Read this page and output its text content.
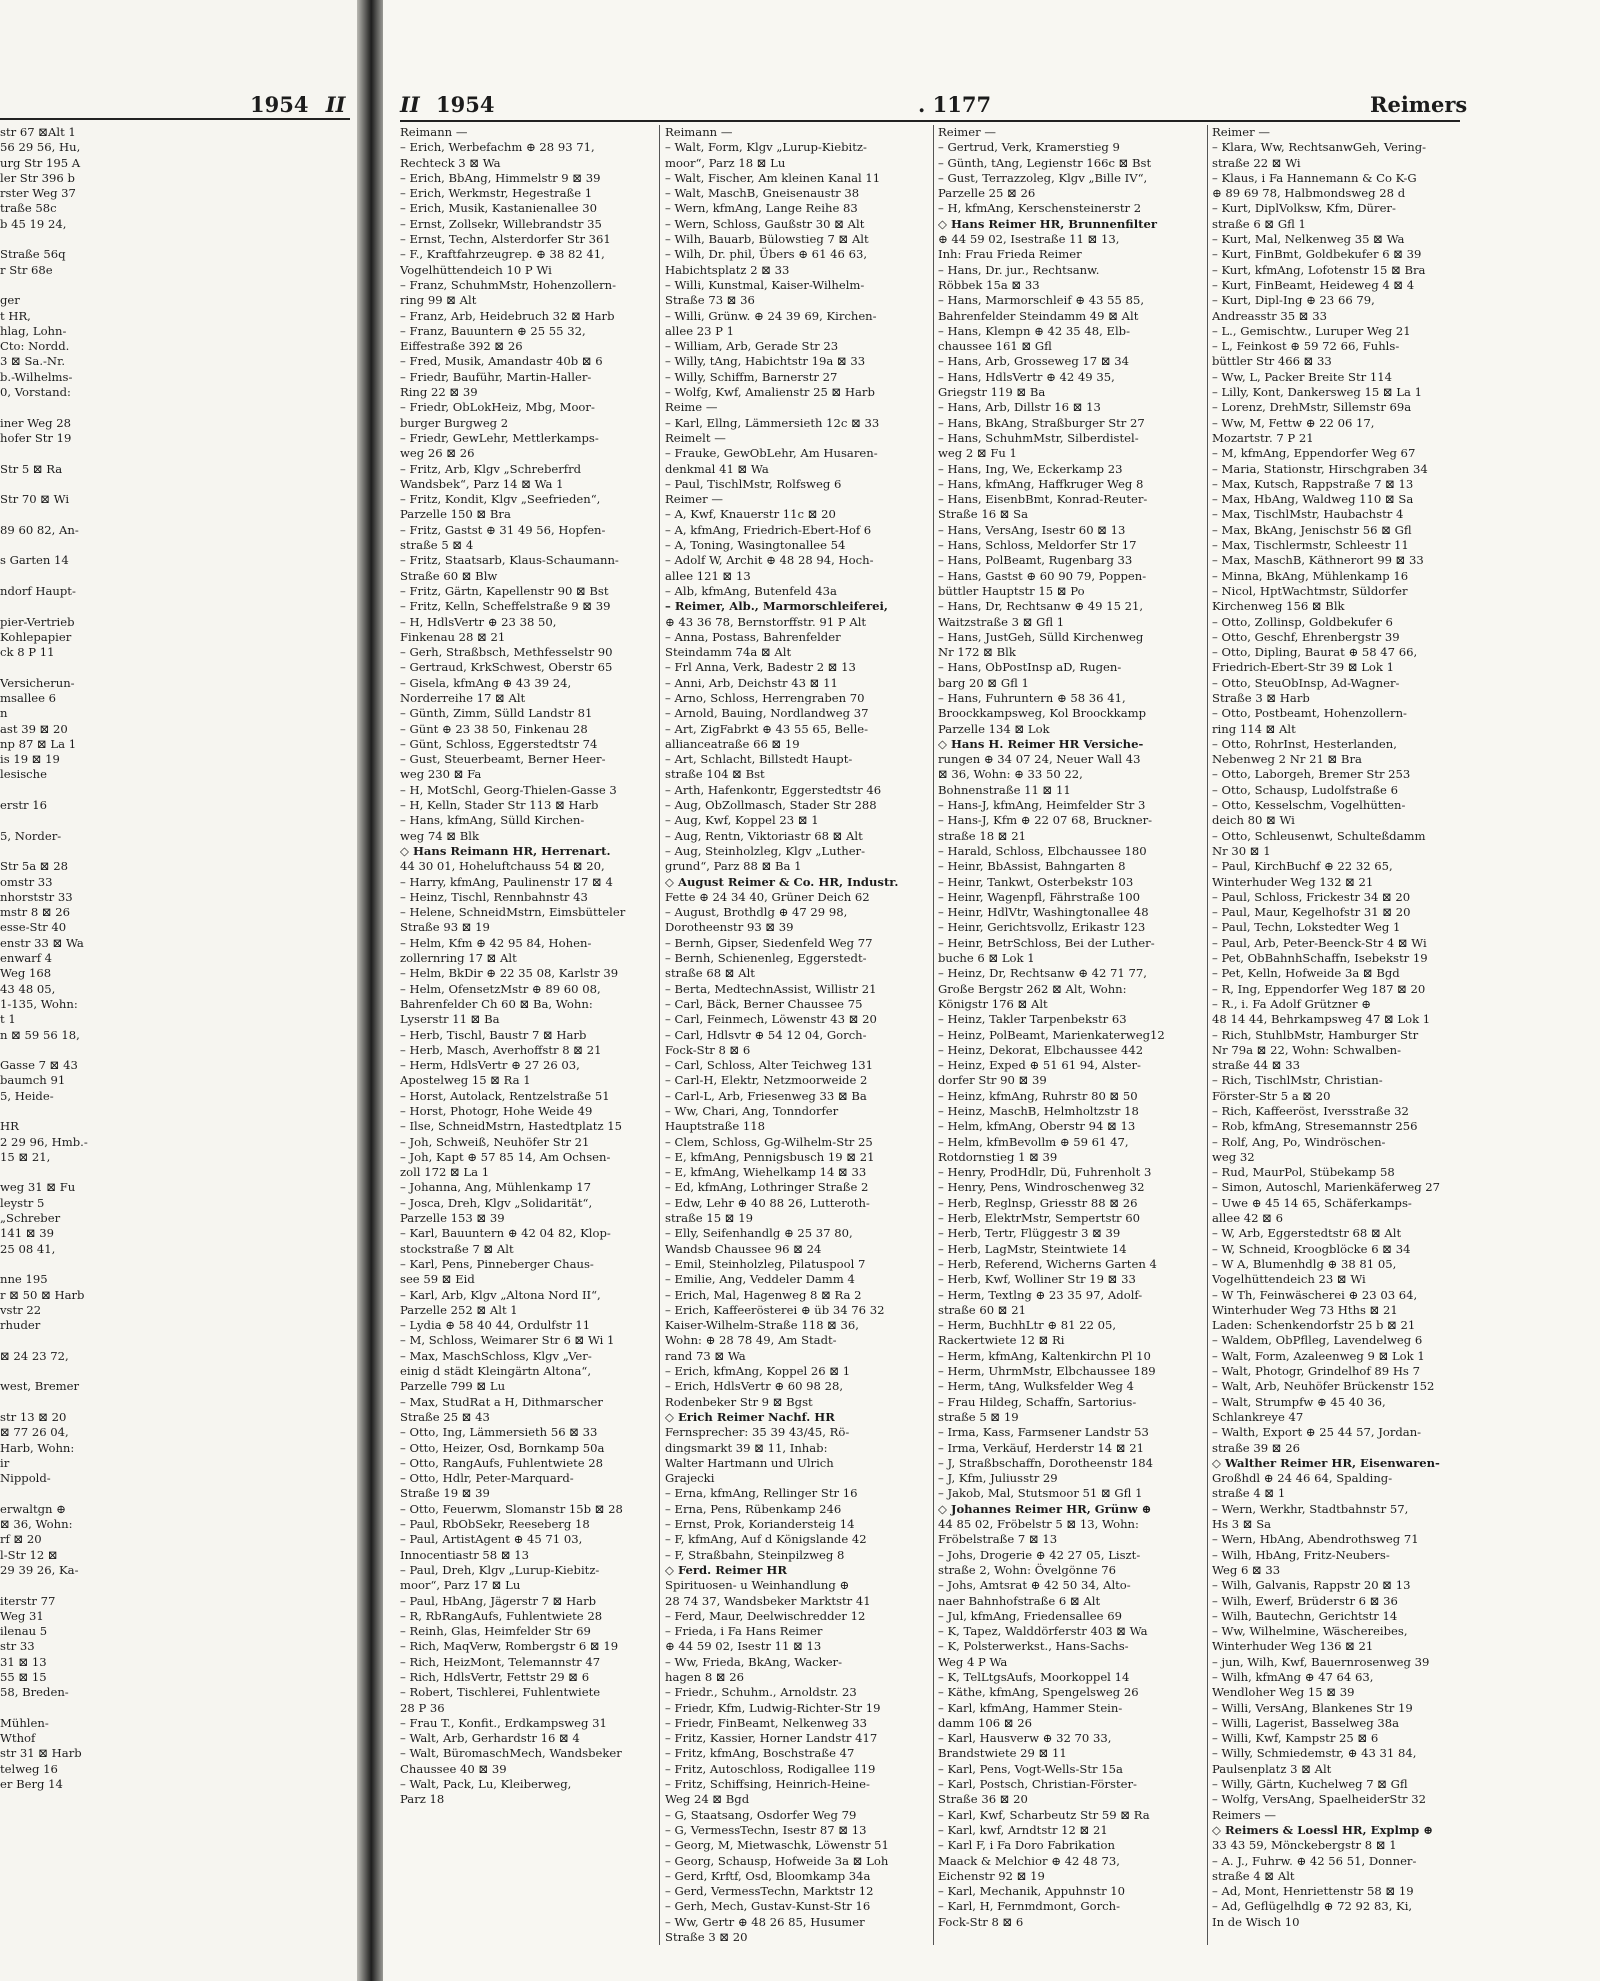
1954 II
str 67 ⊠Alt 1
56 29 56, Hu,
urg Str 195 A
ler Str 396 b
rster Weg 37
traße 58c
b 45 19 24,
Straße 56q
r Str 68e
ger
t HR,
hlag, Lohn-
Cto: Nordd.
3 ⊠ Sa.-Nr.
b.-Wilhelms-
0, Vorstand:
iner Weg 28
hofer Str 19
Str 5 ⊠ Ra
Str 70 ⊠ Wi
89 60 82, An-
s Garten 14
ndorf Haupt-
pier-Vertrieb
Kohlepapier
ck 8 P 11
Versicherun-
msallee 6
n
ast 39 ⊠ 20
np 87 ⊠ La 1
is 19 ⊠ 19
lesische
erstr 16
5, Norder-
Str 5a ⊠ 28
omstr 33
nhorststr 33
mstr 8 ⊠ 26
esse-Str 40
enstr 33 ⊠ Wa
enwarf 4
Weg 168
43 48 05,
1-135, Wohn:
t 1
n ⊠ 59 56 18,
Gasse 7 ⊠ 43
baumch 91
5, Heide-
HR
2 29 96, Hmb.-
15 ⊠ 21,
weg 31 ⊠ Fu
leystr 5
„Schreber
141 ⊠ 39
25 08 41,
nne 195
r ⊠ 50 ⊠ Harb
vstr 22
rhuder
⊠ 24 23 72,
west, Bremer
str 13 ⊠ 20
⊠ 77 26 04,
Harb, Wohn:
ir
Nippold-
erwaltgn ⊕
⊠ 36, Wohn:
rf ⊠ 20
l-Str 12 ⊠
29 39 26, Ka-
iterstr 77
Weg 31
ilenau 5
str 33
31 ⊠ 13
55 ⊠ 15
58, Breden-
Mühlen-
Wthof
str 31 ⊠ Harb
telweg 16
er Berg 14
II 1954	. 1177	Reimers
Reimann —
– Erich, Werbefachm ⊕ 28 93 71,
Rechteck 3 ⊠ Wa
– Erich, BbAng, Himmelstr 9 ⊠ 39
– Erich, Werkmstr, Hegestraße 1
– Erich, Musik, Kastanienallee 30
– Ernst, Zollsekr, Willebrandstr 35
– Ernst, Techn, Alsterdorfer Str 361
– F., Kraftfahrzeugrep. ⊕ 38 82 41,
Vogelhüttendeich 10 P Wi
– Franz, SchuhmMstr, Hohenzollern-
ring 99 ⊠ Alt
– Franz, Arb, Heidebruch 32 ⊠ Harb
– Franz, Bauuntern ⊕ 25 55 32,
Eiffestraße 392 ⊠ 26
– Fred, Musik, Amandastr 40b ⊠ 6
– Friedr, Bauführ, Martin-Haller-
Ring 22 ⊠ 39
– Friedr, ObLokHeiz, Mbg, Moor-
burger Burgweg 2
– Friedr, GewLehr, Mettlerkamps-
weg 26 ⊠ 26
– Fritz, Arb, Klgv „Schreberfrd
Wandsbek“, Parz 14 ⊠ Wa 1
– Fritz, Kondit, Klgv „Seefrieden“,
Parzelle 150 ⊠ Bra
– Fritz, Gastst ⊕ 31 49 56, Hopfen-
straße 5 ⊠ 4
– Fritz, Staatsarb, Klaus-Schaumann-
Straße 60 ⊠ Blw
– Fritz, Gärtn, Kapellenstr 90 ⊠ Bst
– Fritz, Kelln, Scheffelstraße 9 ⊠ 39
– H, HdlsVertr ⊕ 23 38 50,
Finkenau 28 ⊠ 21
– Gerh, Straßbsch, Methfesselstr 90
– Gertraud, KrkSchwest, Oberstr 65
– Gisela, kfmAng ⊕ 43 39 24,
Norderreihe 17 ⊠ Alt
– Günth, Zimm, Sülld Landstr 81
– Günt ⊕ 23 38 50, Finkenau 28
– Günt, Schloss, Eggerstedtstr 74
– Gust, Steuerbeamt, Berner Heer-
weg 230 ⊠ Fa
– H, MotSchl, Georg-Thielen-Gasse 3
– H, Kelln, Stader Str 113 ⊠ Harb
– Hans, kfmAng, Sülld Kirchen-
weg 74 ⊠ Blk
◇ Hans Reimann HR, Herrenart.
44 30 01, Hoheluftchauss 54 ⊠ 20,
– Harry, kfmAng, Paulinenstr 17 ⊠ 4
– Heinz, Tischl, Rennbahnstr 43
– Helene, SchneidMstrn, Eimsbütteler
Straße 93 ⊠ 19
– Helm, Kfm ⊕ 42 95 84, Hohen-
zollernring 17 ⊠ Alt
– Helm, BkDir ⊕ 22 35 08, Karlstr 39
– Helm, OfensetzMstr ⊕ 89 60 08,
Bahrenfelder Ch 60 ⊠ Ba, Wohn:
Lyserstr 11 ⊠ Ba
– Herb, Tischl, Baustr 7 ⊠ Harb
– Herb, Masch, Averhoffstr 8 ⊠ 21
– Herm, HdlsVertr ⊕ 27 26 03,
Apostelweg 15 ⊠ Ra 1
– Horst, Autolack, Rentzelstraße 51
– Horst, Photogr, Hohe Weide 49
– Ilse, SchneidMstrn, Hastedtplatz 15
– Joh, Schweiß, Neuhöfer Str 21
– Joh, Kapt ⊕ 57 85 14, Am Ochsen-
zoll 172 ⊠ La 1
– Johanna, Ang, Mühlenkamp 17
– Josca, Dreh, Klgv „Solidarität“,
Parzelle 153 ⊠ 39
– Karl, Bauuntern ⊕ 42 04 82, Klop-
stockstraße 7 ⊠ Alt
– Karl, Pens, Pinneberger Chaus-
see 59 ⊠ Eid
– Karl, Arb, Klgv „Altona Nord II“,
Parzelle 252 ⊠ Alt 1
– Lydia ⊕ 58 40 44, Ordulfstr 11
– M, Schloss, Weimarer Str 6 ⊠ Wi 1
– Max, MaschSchloss, Klgv „Ver-
einig d städt Kleingärtn Altona“,
Parzelle 799 ⊠ Lu
– Max, StudRat a H, Dithmarscher
Straße 25 ⊠ 43
– Otto, Ing, Lämmersieth 56 ⊠ 33
– Otto, Heizer, Osd, Bornkamp 50a
– Otto, RangAufs, Fuhlentwiete 28
– Otto, Hdlr, Peter-Marquard-
Straße 19 ⊠ 39
– Otto, Feuerwm, Slomanstr 15b ⊠ 28
– Paul, RbObSekr, Reeseberg 18
– Paul, ArtistAgent ⊕ 45 71 03,
Innocentiastr 58 ⊠ 13
– Paul, Dreh, Klgv „Lurup-Kiebitz-
moor“, Parz 17 ⊠ Lu
– Paul, HbAng, Jägerstr 7 ⊠ Harb
– R, RbRangAufs, Fuhlentwiete 28
– Reinh, Glas, Heimfelder Str 69
– Rich, MaqVerw, Rombergstr 6 ⊠ 19
– Rich, HeizMont, Telemannstr 47
– Rich, HdlsVertr, Fettstr 29 ⊠ 6
– Robert, Tischlerei, Fuhlentwiete
28 P 36
– Frau T., Konfit., Erdkampsweg 31
– Walt, Arb, Gerhardstr 16 ⊠ 4
– Walt, BüromaschMech, Wandsbeker
Chaussee 40 ⊠ 39
– Walt, Pack, Lu, Kleiberweg,
Parz 18
Reimann —
– Walt, Form, Klgv „Lurup-Kiebitz-
moor“, Parz 18 ⊠ Lu
– Walt, Fischer, Am kleinen Kanal 11
– Walt, MaschB, Gneisenaustr 38
– Wern, kfmAng, Lange Reihe 83
– Wern, Schloss, Gaußstr 30 ⊠ Alt
– Wilh, Bauarb, Bülowstieg 7 ⊠ Alt
– Wilh, Dr. phil, Übers ⊕ 61 46 63,
Habichtsplatz 2 ⊠ 33
– Willi, Kunstmal, Kaiser-Wilhelm-
Straße 73 ⊠ 36
– Willi, Grünw. ⊕ 24 39 69, Kirchen-
allee 23 P 1
– William, Arb, Gerade Str 23
– Willy, tAng, Habichtstr 19a ⊠ 33
– Willy, Schiffm, Barnerstr 27
– Wolfg, Kwf, Amalienstr 25 ⊠ Harb
Reime —
– Karl, Ellng, Lämmersieth 12c ⊠ 33
Reimelt —
– Frauke, GewObLehr, Am Husaren-
denkmal 41 ⊠ Wa
– Paul, TischlMstr, Rolfsweg 6
Reimer —
– A, Kwf, Knauerstr 11c ⊠ 20
– A, kfmAng, Friedrich-Ebert-Hof 6
– A, Toning, Wasingtonallee 54
– Adolf W, Archit ⊕ 48 28 94, Hoch-
allee 121 ⊠ 13
– Alb, kfmAng, Butenfeld 43a
– Reimer, Alb., Marmorschleiferei,
⊕ 43 36 78, Bernstorffstr. 91 P Alt
– Anna, Postass, Bahrenfelder
Steindamm 74a ⊠ Alt
– Frl Anna, Verk, Badestr 2 ⊠ 13
– Anni, Arb, Deichstr 43 ⊠ 11
– Arno, Schloss, Herrengraben 70
– Arnold, Bauing, Nordlandweg 37
– Art, ZigFabrkt ⊕ 43 55 65, Belle-
allianceatraße 66 ⊠ 19
– Art, Schlacht, Billstedt Haupt-
straße 104 ⊠ Bst
– Arth, Hafenkontr, Eggerstedtstr 46
– Aug, ObZollmasch, Stader Str 288
– Aug, Kwf, Koppel 23 ⊠ 1
– Aug, Rentn, Viktoriastr 68 ⊠ Alt
– Aug, Steinholzleg, Klgv „Luther-
grund“, Parz 88 ⊠ Ba 1
◇ August Reimer & Co. HR, Industr.
Fette ⊕ 24 34 40, Grüner Deich 62
– August, Brothdlg ⊕ 47 29 98,
Dorotheenstr 93 ⊠ 39
– Bernh, Gipser, Siedenfeld Weg 77
– Bernh, Schienenleg, Eggerstedt-
straße 68 ⊠ Alt
– Berta, MedtechnAssist, Willistr 21
– Carl, Bäck, Berner Chaussee 75
– Carl, Feinmech, Löwenstr 43 ⊠ 20
– Carl, Hdlsvtr ⊕ 54 12 04, Gorch-
Fock-Str 8 ⊠ 6
– Carl, Schloss, Alter Teichweg 131
– Carl-H, Elektr, Netzmoorweide 2
– Carl-L, Arb, Friesenweg 33 ⊠ Ba
– Ww, Chari, Ang, Tonndorfer
Hauptstraße 118
– Clem, Schloss, Gg-Wilhelm-Str 25
– E, kfmAng, Pennigsbusch 19 ⊠ 21
– E, kfmAng, Wiehelkamp 14 ⊠ 33
– Ed, kfmAng, Lothringer Straße 2
– Edw, Lehr ⊕ 40 88 26, Lutteroth-
straße 15 ⊠ 19
– Elly, Seifenhandlg ⊕ 25 37 80,
Wandsb Chaussee 96 ⊠ 24
– Emil, Steinholzleg, Pilatuspool 7
– Emilie, Ang, Veddeler Damm 4
– Erich, Mal, Hagenweg 8 ⊠ Ra 2
– Erich, Kaffeerösterei ⊕ üb 34 76 32
Kaiser-Wilhelm-Straße 118 ⊠ 36,
Wohn: ⊕ 28 78 49, Am Stadt-
rand 73 ⊠ Wa
– Erich, kfmAng, Koppel 26 ⊠ 1
– Erich, HdlsVertr ⊕ 60 98 28,
Rodenbeker Str 9 ⊠ Bgst
◇ Erich Reimer Nachf. HR
Fernsprecher: 35 39 43/45, Rö-
dingsmarkt 39 ⊠ 11, Inhab:
Walter Hartmann und Ulrich
Grajecki
– Erna, kfmAng, Rellinger Str 16
– Erna, Pens, Rübenkamp 246
– Ernst, Prok, Koriandersteig 14
– F, kfmAng, Auf d Königslande 42
– F, Straßbahn, Steinpilzweg 8
◇ Ferd. Reimer HR
Spirituosen- u Weinhandlung ⊕
28 74 37, Wandsbeker Marktstr 41
– Ferd, Maur, Deelwischredder 12
– Frieda, i Fa Hans Reimer
⊕ 44 59 02, Isestr 11 ⊠ 13
– Ww, Frieda, BkAng, Wacker-
hagen 8 ⊠ 26
– Friedr., Schuhm., Arnoldstr. 23
– Friedr, Kfm, Ludwig-Richter-Str 19
– Friedr, FinBeamt, Nelkenweg 33
– Fritz, Kassier, Horner Landstr 417
– Fritz, kfmAng, Boschstraße 47
– Fritz, Autoschloss, Rodigallee 119
– Fritz, Schiffsing, Heinrich-Heine-
Weg 24 ⊠ Bgd
– G, Staatsang, Osdorfer Weg 79
– G, VermessTechn, Isestr 87 ⊠ 13
– Georg, M, Mietwaschk, Löwenstr 51
– Georg, Schausp, Hofweide 3a ⊠ Loh
– Gerd, Krftf, Osd, Bloomkamp 34a
– Gerd, VermessTechn, Marktstr 12
– Gerh, Mech, Gustav-Kunst-Str 16
– Ww, Gertr ⊕ 48 26 85, Husumer
Straße 3 ⊠ 20
Reimer —
– Gertrud, Verk, Kramerstieg 9
– Günth, tAng, Legienstr 166c ⊠ Bst
– Gust, Terrazzoleg, Klgv „Bille IV“,
Parzelle 25 ⊠ 26
– H, kfmAng, Kerschensteinerstr 2
◇ Hans Reimer HR, Brunnenfilter
⊕ 44 59 02, Isestraße 11 ⊠ 13,
Inh: Frau Frieda Reimer
– Hans, Dr. jur., Rechtsanw.
Röbbek 15a ⊠ 33
– Hans, Marmorschleif ⊕ 43 55 85,
Bahrenfelder Steindamm 49 ⊠ Alt
– Hans, Klempn ⊕ 42 35 48, Elb-
chaussee 161 ⊠ Gfl
– Hans, Arb, Grosseweg 17 ⊠ 34
– Hans, HdlsVertr ⊕ 42 49 35,
Griegstr 119 ⊠ Ba
– Hans, Arb, Dillstr 16 ⊠ 13
– Hans, BkAng, Straßburger Str 27
– Hans, SchuhmMstr, Silberdistel-
weg 2 ⊠ Fu 1
– Hans, Ing, We, Eckerkamp 23
– Hans, kfmAng, Haffkruger Weg 8
– Hans, EisenbBmt, Konrad-Reuter-
Straße 16 ⊠ Sa
– Hans, VersAng, Isestr 60 ⊠ 13
– Hans, Schloss, Meldorfer Str 17
– Hans, PolBeamt, Rugenbarg 33
– Hans, Gastst ⊕ 60 90 79, Poppen-
büttler Hauptstr 15 ⊠ Po
– Hans, Dr, Rechtsanw ⊕ 49 15 21,
Waitzstraße 3 ⊠ Gfl 1
– Hans, JustGeh, Sülld Kirchenweg
Nr 172 ⊠ Blk
– Hans, ObPostInsp aD, Rugen-
barg 20 ⊠ Gfl 1
– Hans, Fuhruntern ⊕ 58 36 41,
Broockkampsweg, Kol Broockkamp
Parzelle 134 ⊠ Lok
◇ Hans H. Reimer HR Versiche-
rungen ⊕ 34 07 24, Neuer Wall 43
⊠ 36, Wohn: ⊕ 33 50 22,
Bohnenstraße 11 ⊠ 11
– Hans-J, kfmAng, Heimfelder Str 3
– Hans-J, Kfm ⊕ 22 07 68, Bruckner-
straße 18 ⊠ 21
– Harald, Schloss, Elbchaussee 180
– Heinr, BbAssist, Bahngarten 8
– Heinr, Tankwt, Osterbekstr 103
– Heinr, Wagenpfl, Fährstraße 100
– Heinr, HdlVtr, Washingtonallee 48
– Heinr, Gerichtsvollz, Erikastr 123
– Heinr, BetrSchloss, Bei der Luther-
buche 6 ⊠ Lok 1
– Heinz, Dr, Rechtsanw ⊕ 42 71 77,
Große Bergstr 262 ⊠ Alt, Wohn:
Königstr 176 ⊠ Alt
– Heinz, Takler Tarpenbekstr 63
– Heinz, PolBeamt, Marienkaterweg12
– Heinz, Dekorat, Elbchaussee 442
– Heinz, Exped ⊕ 51 61 94, Alster-
dorfer Str 90 ⊠ 39
– Heinz, kfmAng, Ruhrstr 80 ⊠ 50
– Heinz, MaschB, Helmholtzstr 18
– Helm, kfmAng, Oberstr 94 ⊠ 13
– Helm, kfmBevollm ⊕ 59 61 47,
Rotdornstieg 1 ⊠ 39
– Henry, ProdHdlr, Dü, Fuhrenholt 3
– Henry, Pens, Windroschenweg 32
– Herb, Reglnsp, Griesstr 88 ⊠ 26
– Herb, ElektrMstr, Sempertstr 60
– Herb, Tertr, Flüggestr 3 ⊠ 39
– Herb, LagMstr, Steintwiete 14
– Herb, Referend, Wicherns Garten 4
– Herb, Kwf, Wolliner Str 19 ⊠ 33
– Herm, Textlng ⊕ 23 35 97, Adolf-
straße 60 ⊠ 21
– Herm, BuchhLtr ⊕ 81 22 05,
Rackertwiete 12 ⊠ Ri
– Herm, kfmAng, Kaltenkirchn Pl 10
– Herm, UhrmMstr, Elbchaussee 189
– Herm, tAng, Wulksfelder Weg 4
– Frau Hildeg, Schaffn, Sartorius-
straße 5 ⊠ 19
– Irma, Kass, Farmsener Landstr 53
– Irma, Verkäuf, Herderstr 14 ⊠ 21
– J, Straßbschaffn, Dorotheenstr 184
– J, Kfm, Juliusstr 29
– Jakob, Mal, Stutsmoor 51 ⊠ Gfl 1
◇ Johannes Reimer HR, Grünw ⊕
44 85 02, Fröbelstr 5 ⊠ 13, Wohn:
Fröbelstraße 7 ⊠ 13
– Johs, Drogerie ⊕ 42 27 05, Liszt-
straße 2, Wohn: Övelgönne 76
– Johs, Amtsrat ⊕ 42 50 34, Alto-
naer Bahnhofstraße 6 ⊠ Alt
– Jul, kfmAng, Friedensallee 69
– K, Tapez, Walddörferstr 403 ⊠ Wa
– K, Polsterwerkst., Hans-Sachs-
Weg 4 P Wa
– K, TelLtgsAufs, Moorkoppel 14
– Käthe, kfmAng, Spengelsweg 26
– Karl, kfmAng, Hammer Stein-
damm 106 ⊠ 26
– Karl, Hausverw ⊕ 32 70 33,
Brandstwiete 29 ⊠ 11
– Karl, Pens, Vogt-Wells-Str 15a
– Karl, Postsch, Christian-Förster-
Straße 36 ⊠ 20
– Karl, Kwf, Scharbeutz Str 59 ⊠ Ra
– Karl, kwf, Arndtstr 12 ⊠ 21
– Karl F, i Fa Doro Fabrikation
Maack & Melchior ⊕ 42 48 73,
Eichenstr 92 ⊠ 19
– Karl, Mechanik, Appuhnstr 10
– Karl, H, Fernmdmont, Gorch-
Fock-Str 8 ⊠ 6
Reimer —
– Klara, Ww, RechtsanwGeh, Vering-
straße 22 ⊠ Wi
– Klaus, i Fa Hannemann & Co K-G
⊕ 89 69 78, Halbmondsweg 28 d
– Kurt, DiplVolksw, Kfm, Dürer-
straße 6 ⊠ Gfl 1
– Kurt, Mal, Nelkenweg 35 ⊠ Wa
– Kurt, FinBmt, Goldbekufer 6 ⊠ 39
– Kurt, kfmAng, Lofotenstr 15 ⊠ Bra
– Kurt, FinBeamt, Heideweg 4 ⊠ 4
– Kurt, Dipl-Ing ⊕ 23 66 79,
Andreasstr 35 ⊠ 33
– L., Gemischtw., Luruper Weg 21
– L, Feinkost ⊕ 59 72 66, Fuhls-
büttler Str 466 ⊠ 33
– Ww, L, Packer Breite Str 114
– Lilly, Kont, Dankersweg 15 ⊠ La 1
– Lorenz, DrehMstr, Sillemstr 69a
– Ww, M, Fettw ⊕ 22 06 17,
Mozartstr. 7 P 21
– M, kfmAng, Eppendorfer Weg 67
– Maria, Stationstr, Hirschgraben 34
– Max, Kutsch, Rappstraße 7 ⊠ 13
– Max, HbAng, Waldweg 110 ⊠ Sa
– Max, TischlMstr, Haubachstr 4
– Max, BkAng, Jenischstr 56 ⊠ Gfl
– Max, Tischlermstr, Schleestr 11
– Max, MaschB, Käthnerort 99 ⊠ 33
– Minna, BkAng, Mühlenkamp 16
– Nicol, HptWachtmstr, Süldorfer
Kirchenweg 156 ⊠ Blk
– Otto, Zollinsp, Goldbekufer 6
– Otto, Geschf, Ehrenbergstr 39
– Otto, Dipling, Baurat ⊕ 58 47 66,
Friedrich-Ebert-Str 39 ⊠ Lok 1
– Otto, SteuObInsp, Ad-Wagner-
Straße 3 ⊠ Harb
– Otto, Postbeamt, Hohenzollern-
ring 114 ⊠ Alt
– Otto, RohrInst, Hesterlanden,
Nebenweg 2 Nr 21 ⊠ Bra
– Otto, Laborgeh, Bremer Str 253
– Otto, Schausp, Ludolfstraße 6
– Otto, Kesselschm, Vogelhütten-
deich 80 ⊠ Wi
– Otto, Schleusenwt, Schulteßdamm
Nr 30 ⊠ 1
– Paul, KirchBuchf ⊕ 22 32 65,
Winterhuder Weg 132 ⊠ 21
– Paul, Schloss, Frickestr 34 ⊠ 20
– Paul, Maur, Kegelhofstr 31 ⊠ 20
– Paul, Techn, Lokstedter Weg 1
– Paul, Arb, Peter-Beenck-Str 4 ⊠ Wi
– Pet, ObBahnhSchaffn, Isebekstr 19
– Pet, Kelln, Hofweide 3a ⊠ Bgd
– R, Ing, Eppendorfer Weg 187 ⊠ 20
– R., i. Fa Adolf Grützner ⊕
48 14 44, Behrkampsweg 47 ⊠ Lok 1
– Rich, StuhlbMstr, Hamburger Str
Nr 79a ⊠ 22, Wohn: Schwalben-
straße 44 ⊠ 33
– Rich, TischlMstr, Christian-
Förster-Str 5 a ⊠ 20
– Rich, Kaffeeröst, Iversstraße 32
– Rob, kfmAng, Stresemannstr 256
– Rolf, Ang, Po, Windröschen-
weg 32
– Rud, MaurPol, Stübekamp 58
– Simon, Autoschl, Marienkäferweg 27
– Uwe ⊕ 45 14 65, Schäferkamps-
allee 42 ⊠ 6
– W, Arb, Eggerstedtstr 68 ⊠ Alt
– W, Schneid, Kroogblöcke 6 ⊠ 34
– W A, Blumenhdlg ⊕ 38 81 05,
Vogelhüttendeich 23 ⊠ Wi
– W Th, Feinwäscherei ⊕ 23 03 64,
Winterhuder Weg 73 Hths ⊠ 21
Laden: Schenkendorfstr 25 b ⊠ 21
– Waldem, ObPflleg, Lavendelweg 6
– Walt, Form, Azaleenweg 9 ⊠ Lok 1
– Walt, Photogr, Grindelhof 89 Hs 7
– Walt, Arb, Neuhöfer Brückenstr 152
– Walt, Strumpfw ⊕ 45 40 36,
Schlankreye 47
– Walth, Export ⊕ 25 44 57, Jordan-
straße 39 ⊠ 26
◇ Walther Reimer HR, Eisenwaren-
Großhdl ⊕ 24 46 64, Spalding-
straße 4 ⊠ 1
– Wern, Werkhr, Stadtbahnstr 57,
Hs 3 ⊠ Sa
– Wern, HbAng, Abendrothsweg 71
– Wilh, HbAng, Fritz-Neubers-
Weg 6 ⊠ 33
– Wilh, Galvanis, Rappstr 20 ⊠ 13
– Wilh, Ewerf, Brüderstr 6 ⊠ 36
– Wilh, Bautechn, Gerichtstr 14
– Ww, Wilhelmine, Wäschereibes,
Winterhuder Weg 136 ⊠ 21
– jun, Wilh, Kwf, Bauernrosenweg 39
– Wilh, kfmAng ⊕ 47 64 63,
Wendloher Weg 15 ⊠ 39
– Willi, VersAng, Blankenes Str 19
– Willi, Lagerist, Basselweg 38a
– Willi, Kwf, Kampstr 25 ⊠ 6
– Willy, Schmiedemstr, ⊕ 43 31 84,
Paulsenplatz 3 ⊠ Alt
– Willy, Gärtn, Kuchelweg 7 ⊠ Gfl
– Wolfg, VersAng, SpaelheiderStr 32
Reimers —
◇ Reimers & Loessl HR, Explmp ⊕
33 43 59, Mönckebergstr 8 ⊠ 1
– A. J., Fuhrw. ⊕ 42 56 51, Donner-
straße 4 ⊠ Alt
– Ad, Mont, Henriettenstr 58 ⊠ 19
– Ad, Geflügelhdlg ⊕ 72 92 83, Ki,
In de Wisch 10
